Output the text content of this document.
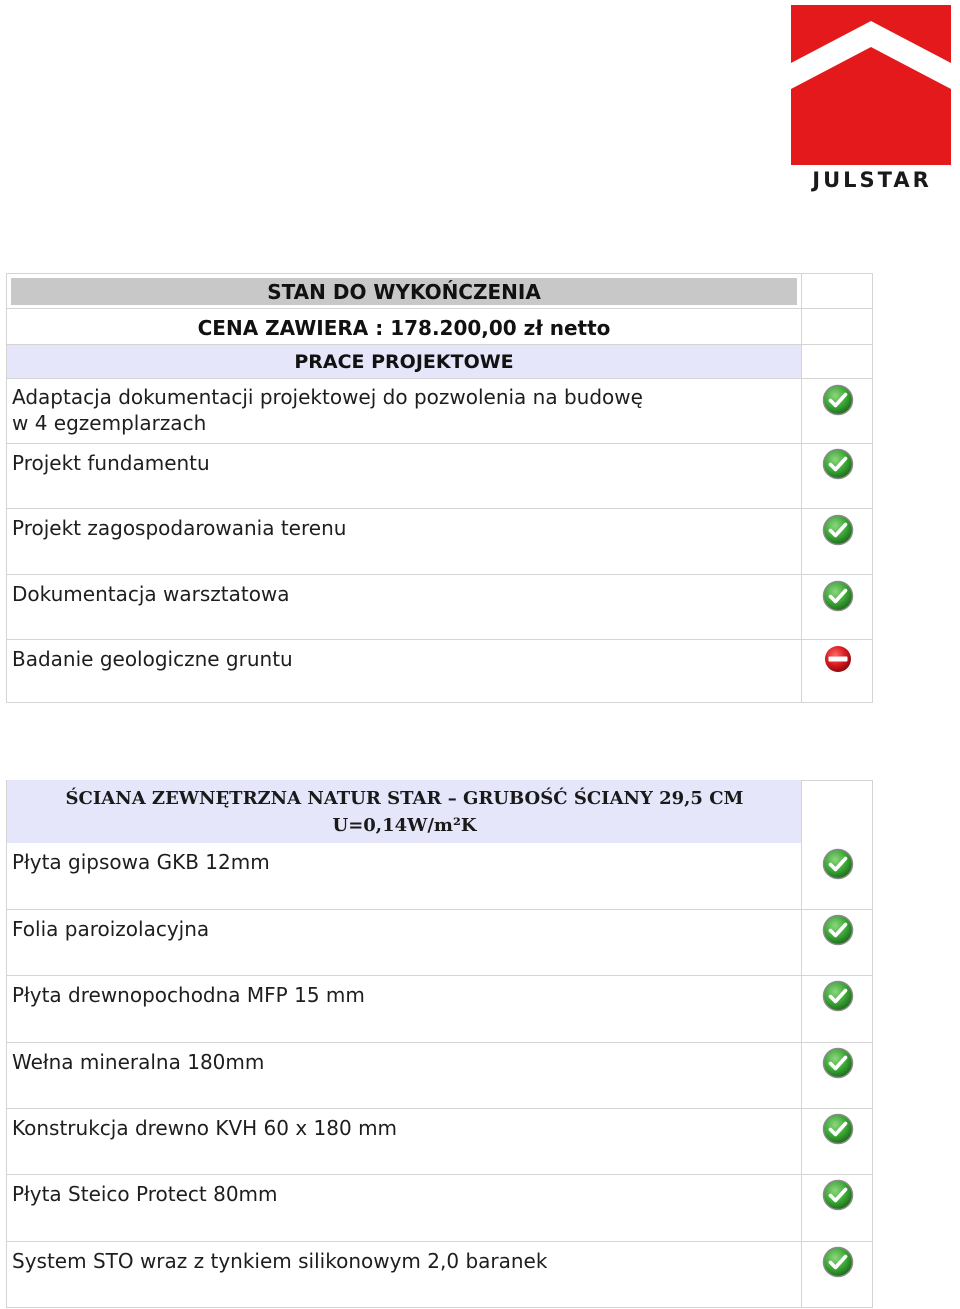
JULSTAR
STAN DO WYKOŃCZENIA
CENA ZAWIERA : 178.200,00 zł netto
PRACE PROJEKTOWE
Adaptacja dokumentacji projektowej do pozwolenia na budowę
w 4 egzemplarzach
Projekt fundamentu
Projekt zagospodarowania terenu
Dokumentacja warsztatowa
Badanie geologiczne gruntu
ŚCIANA ZEWNĘTRZNA NATUR STAR – GRUBOŚĆ ŚCIANY 29,5 CM
U=0,14W/m²K
Płyta gipsowa GKB 12mm
Folia paroizolacyjna
Płyta drewnopochodna MFP 15 mm
Wełna mineralna 180mm
Konstrukcja drewno KVH 60 x 180 mm
Płyta Steico Protect 80mm
System STO wraz z tynkiem silikonowym 2,0 baranek
